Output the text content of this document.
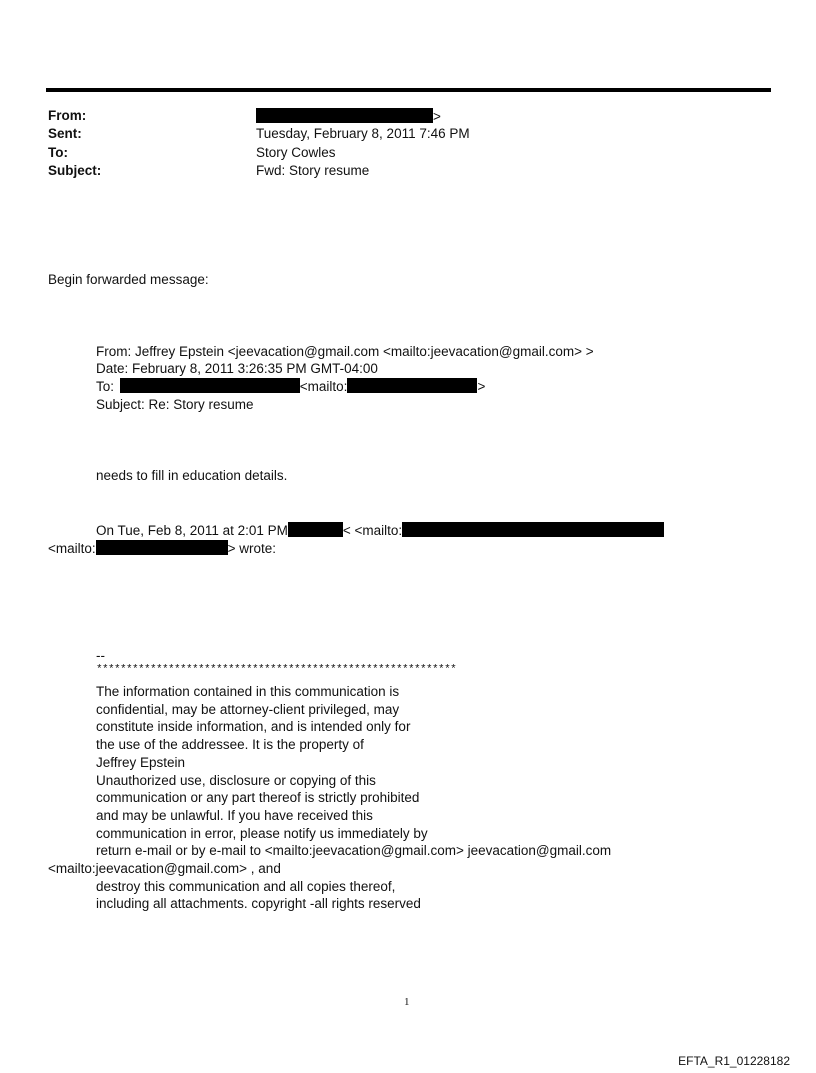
From:	>
Sent:	Tuesday, February 8, 2011 7:46 PM
To:	Story Cowles
Subject:	Fwd: Story resume
Begin forwarded message:
From: Jeffrey Epstein <jeevacation@gmail.com <mailto:jeevacation@gmail.com> >
Date: February 8, 2011 3:26:35 PM GMT-04:00
To:	<mailto:	>
Subject: Re: Story resume
needs to fill in education details.
On Tue, Feb 8, 2011 at 2:01 PM	< <mailto:
<mailto:	> wrote:
--
************************************************************
The information contained in this communication is
confidential, may be attorney-client privileged, may
constitute inside information, and is intended only for
the use of the addressee. It is the property of
Jeffrey Epstein
Unauthorized use, disclosure or copying of this
communication or any part thereof is strictly prohibited
and may be unlawful. If you have received this
communication in error, please notify us immediately by
return e-mail or by e-mail to <mailto:jeevacation@gmail.com> jeevacation@gmail.com
<mailto:jeevacation@gmail.com> , and
destroy this communication and all copies thereof,
including all attachments. copyright -all rights reserved
1
EFTA_R1_01228182
